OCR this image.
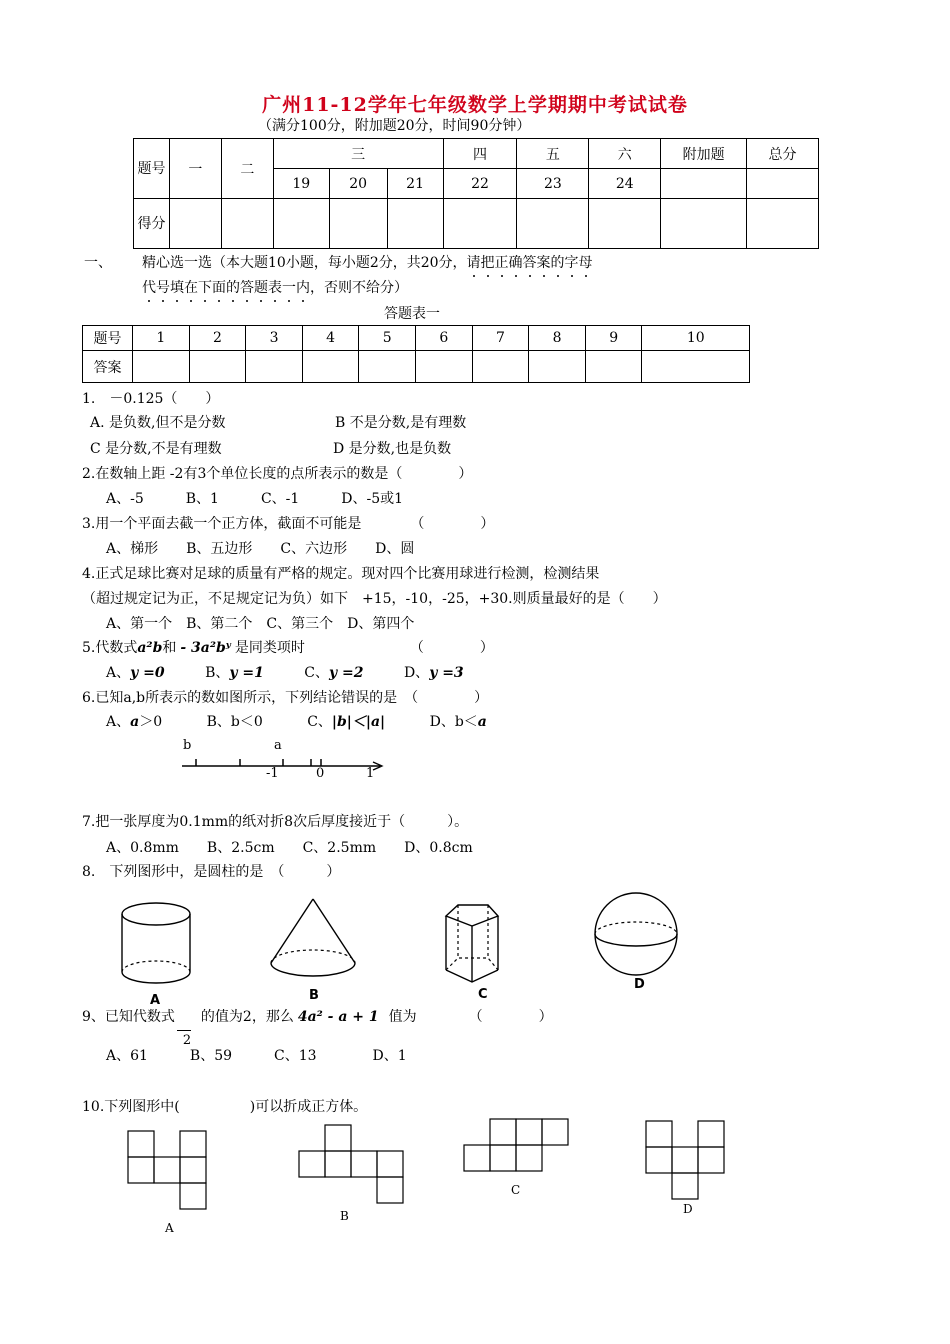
广州11-12学年七年级数学上学期期中考试试卷
（满分100分，附加题20分，时间90分钟）
题号	一	二	三			四	五	六	附加题	总分
			19	20	21	22	23	24		
得分										
一、 精心选一选（本大题10小题，每小题2分，共20分，请把正确答案的字母
代号填在下面的答题表一内，否则不给分）
答题表一
题号	1	2	3	4	5	6	7	8	9	10
答案										
1.　－0.125（　　）
A. 是负数,但不是分数	B 不是分数,是有理数
C 是分数,不是有理数	D 是分数,也是负数
2.在数轴上距 -2有3个单位长度的点所表示的数是（　　　　）
A、-5　　　B、1　　　C、-1　　　D、-5或1
3.用一个平面去截一个正方体，截面不可能是　　　　（　　　　）
A、梯形　　B、五边形　　C、六边形　　D、圆
4.正式足球比赛对足球的质量有严格的规定。现对四个比赛用球进行检测，检测结果
（超过规定记为正，不足规定记为负）如下　+15，-10，-25，+30.则质量最好的是（　　）
A、第一个　B、第二个　C、第三个　D、第四个
5.代数式a²b和 - 3a²bʸ 是同类项时　　　　　　　　（　　　　）
A、y =0	B、y =1	C、y =2	D、y =3
6.已知a,b所表示的数如图所示，下列结论错误的是　（　　　　）
A、a＞0	B、b＜0	C、|b|＜|a|	D、b＜a
b	a
-1	0	1
7.把一张厚度为0.1mm的纸对折8次后厚度接近于（　　　）。
A、0.8mm　　B、2.5cm　　C、2.5mm　　D、0.8cm
8.　下列图形中，是圆柱的是　（　　　）
A	B	C
D
9、已知代数式
2
的值为2，那么 4a² - a + 1 值为	（　　　　）
A、61　　　B、59　　　C、13　　　　D、1
10.下列图形中(　　　　　)可以折成正方体。
A
B
C
D
